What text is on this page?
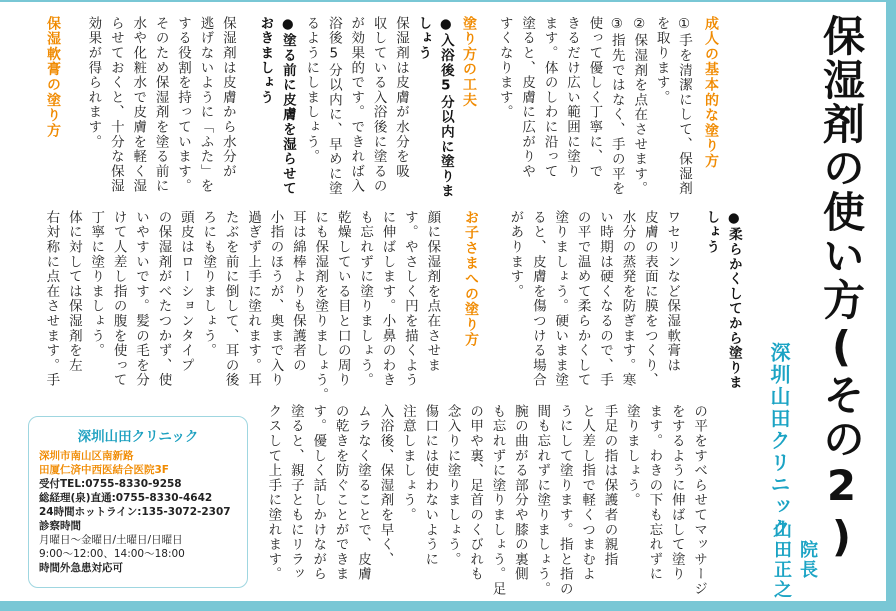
保湿剤の使い方(その2)
深圳山田クリニック
院長
山田正之
成人の基本的な塗り方
①手を清潔にして、保湿剤
を取ります。
②保湿剤を点在させます。
③指先ではなく、手の平を
使って優しく丁寧に、で
きるだけ広い範囲に塗り
ます。体のしわに沿って
塗ると、皮膚に広がりや
すくなります。
塗り方の工夫
●入浴後5分以内に塗りま
しょう
保湿剤は皮膚が水分を吸
収している入浴後に塗るの
が効果的です。できれば入
浴後5分以内に、早めに塗
るようにしましょう。
●塗る前に皮膚を湿らせて
おきましょう
保湿剤は皮膚から水分が
逃げないように「ふた」を
する役割を持っています。
そのため保湿剤を塗る前に
水や化粧水で皮膚を軽く湿
らせておくと、十分な保湿
効果が得られます。
保湿軟膏の塗り方
●柔らかくしてから塗りま
しょう
ワセリンなど保湿軟膏は
皮膚の表面に膜をつくり、
水分の蒸発を防ぎます。寒
い時期は硬くなるので、手
の平で温めて柔らかくして
塗りましょう。硬いまま塗
ると、皮膚を傷つける場合
があります。
お子さまへの塗り方
顔に保湿剤を点在させま
す。やさしく円を描くよう
に伸ばします。小鼻のわき
も忘れずに塗りましょう。
乾燥している目と口の周り
にも保湿剤を塗りましょう。
耳は綿棒よりも保護者の
小指のほうが、奥まで入り
過ぎず上手に塗れます。耳
たぶを前に倒して、耳の後
ろにも塗りましょう。
頭皮はローションタイプ
の保湿剤がべたつかず、使
いやすいです。髪の毛を分
けて人差し指の腹を使って
丁寧に塗りましょう。
体に対しては保湿剤を左
右対称に点在させます。手
の平をすべらせてマッサージ
をするように伸ばして塗り
ます。わきの下も忘れずに
塗りましょう。
手足の指は保護者の親指
と人差し指で軽くつまむよ
うにして塗ります。指と指の
間も忘れずに塗りましょう。
腕の曲がる部分や膝の裏側
も忘れずに塗りましょう。足
の甲や裏、足首のくびれも
念入りに塗りましょう。
傷口には使わないように
注意しましょう。
入浴後、保湿剤を早く、
ムラなく塗ることで、皮膚
の乾きを防ぐことができま
す。優しく話しかけながら
塗ると、親子ともにリラッ
クスして上手に塗れます。
深圳山田クリニック

深圳市南山区南新路

田厦仁済中西医結合医院3F

受付TEL:0755-8330-9258

総経理(泉)直通:0755-8330-4642

24時間ホットライン:135-3072-2307

診察時間

月曜日〜金曜日/土曜日/日曜日

9:00〜12:00、14:00〜18:00

時間外急患対応可
